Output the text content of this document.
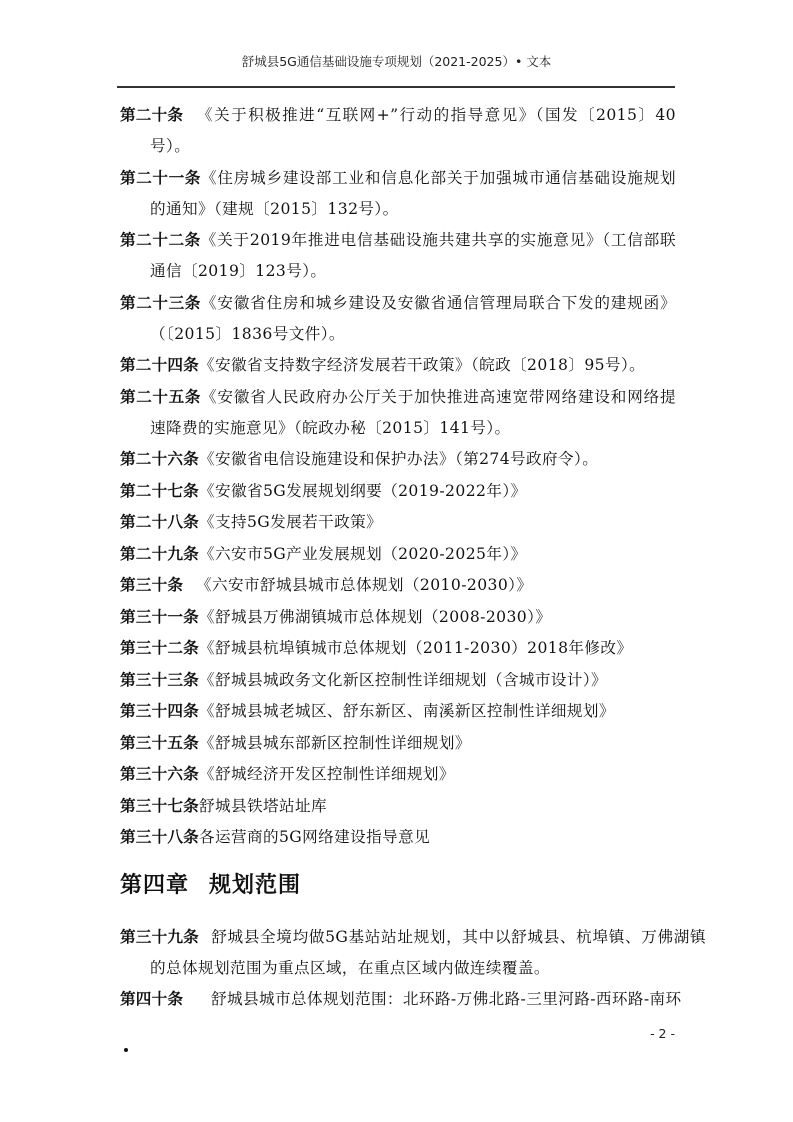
舒城县5G通信基础设施专项规划（2021-2025）• 文本
第二十条 《关于积极推进“互联网+”行动的指导意见》（国发〔2015〕40号）。
第二十一条《住房城乡建设部工业和信息化部关于加强城市通信基础设施规划的通知》（建规〔2015〕132号）。
第二十二条《关于2019年推进电信基础设施共建共享的实施意见》（工信部联通信〔2019〕123号）。
第二十三条《安徽省住房和城乡建设及安徽省通信管理局联合下发的建规函》（〔2015〕1836号文件）。
第二十四条《安徽省支持数字经济发展若干政策》（皖政〔2018〕95号）。
第二十五条《安徽省人民政府办公厅关于加快推进高速宽带网络建设和网络提速降费的实施意见》（皖政办秘〔2015〕141号）。
第二十六条《安徽省电信设施建设和保护办法》（第274号政府令）。
第二十七条《安徽省5G发展规划纲要（2019-2022年）》
第二十八条《支持5G发展若干政策》
第二十九条《六安市5G产业发展规划（2020-2025年）》
第三十条 《六安市舒城县城市总体规划（2010-2030）》
第三十一条《舒城县万佛湖镇城市总体规划（2008-2030）》
第三十二条《舒城县杭埠镇城市总体规划（2011-2030）2018年修改》
第三十三条《舒城县城政务文化新区控制性详细规划（含城市设计）》
第三十四条《舒城县城老城区、舒东新区、南溪新区控制性详细规划》
第三十五条《舒城县城东部新区控制性详细规划》
第三十六条《舒城经济开发区控制性详细规划》
第三十七条舒城县铁塔站址库
第三十八条各运营商的5G网络建设指导意见
第四章 规划范围
第三十九条 舒城县全境均做5G基站站址规划，其中以舒城县、杭埠镇、万佛湖镇的总体规划范围为重点区域，在重点区域内做连续覆盖。
第四十条 舒城县城市总体规划范围：北环路-万佛北路-三里河路-西环路-南环
- 2 -
